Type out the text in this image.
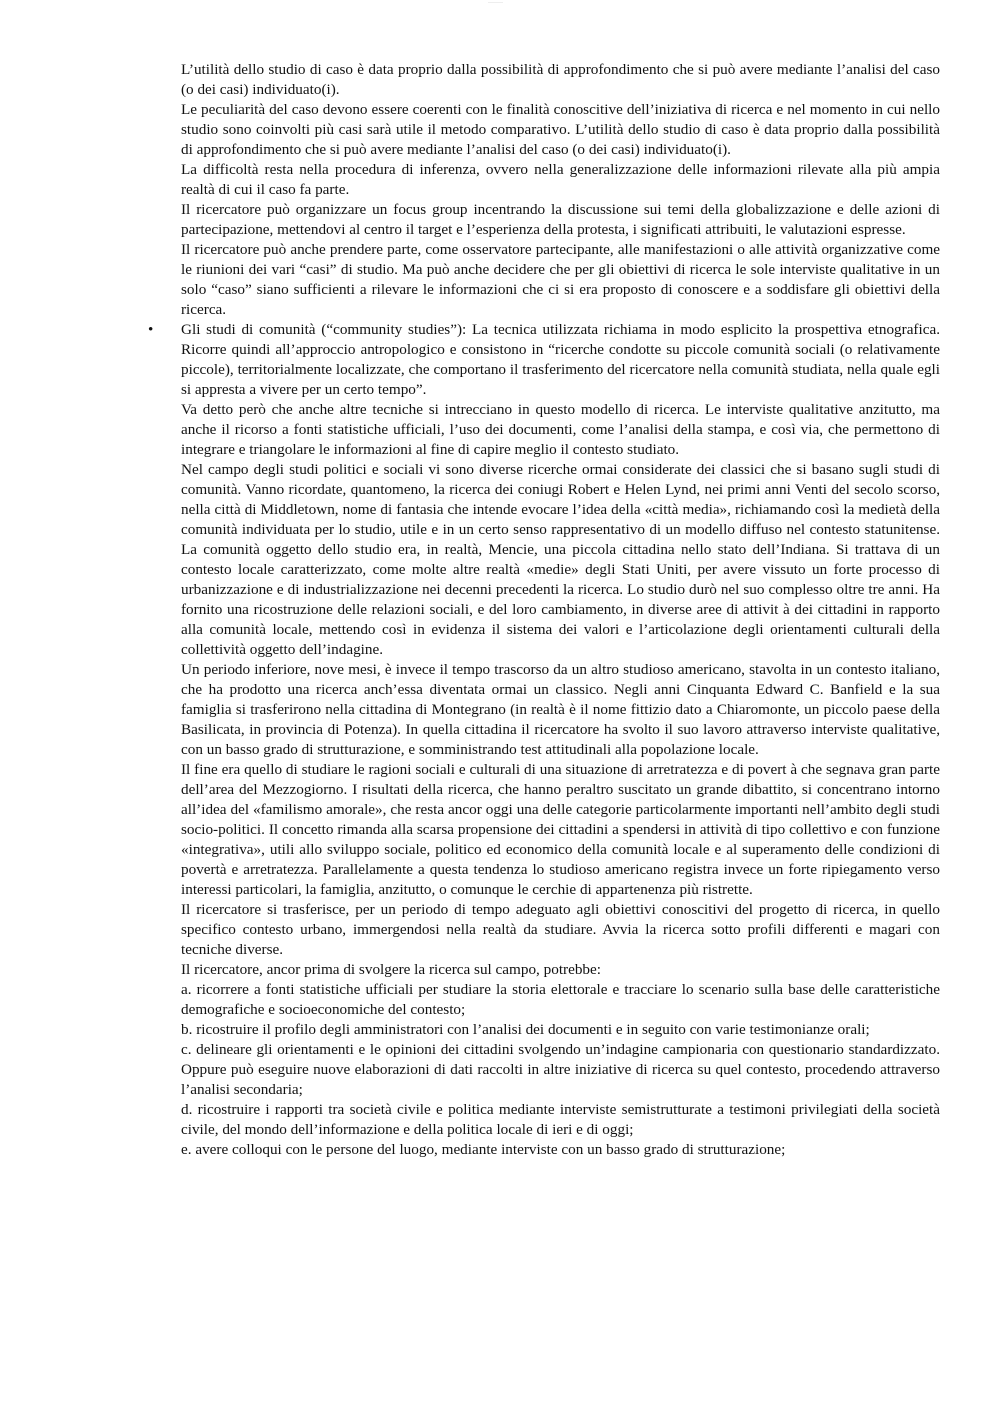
—————

L’utilità dello studio di caso è data proprio dalla possibilità di approfondimento che si può avere mediante l’analisi del caso (o dei casi) individuato(i).

Le peculiarità del caso devono essere coerenti con le finalità conoscitive dell’iniziativa di ricerca e nel momento in cui nello studio sono coinvolti più casi sarà utile il metodo comparativo. L’utilità dello studio di caso è data proprio dalla possibilità di approfondimento che si può avere mediante l’analisi del caso (o dei casi) individuato(i).

La difficoltà resta nella procedura di inferenza, ovvero nella generalizzazione delle informazioni rilevate alla più ampia realtà di cui il caso fa parte.

Il ricercatore può organizzare un focus group incentrando la discussione sui temi della globalizzazione e delle azioni di partecipazione, mettendovi al centro il target e l’esperienza della protesta, i significati attribuiti, le valutazioni espresse.

Il ricercatore può anche prendere parte, come osservatore partecipante, alle manifestazioni o alle attività organizzative come le riunioni dei vari “casi” di studio. Ma può anche decidere che per gli obiettivi di ricerca le sole interviste qualitative in un solo “caso” siano sufficienti a rilevare le informazioni che ci si era proposto di conoscere e a soddisfare gli obiettivi della ricerca.

• Gli studi di comunità (“community studies”): La tecnica utilizzata richiama in modo esplicito la prospettiva etnografica. Ricorre quindi all’approccio antropologico e consistono in “ricerche condotte su piccole comunità sociali (o relativamente piccole), territorialmente localizzate, che comportano il trasferimento del ricercatore nella comunità studiata, nella quale egli si appresta a vivere per un certo tempo”.

Va detto però che anche altre tecniche si intrecciano in questo modello di ricerca. Le interviste qualitative anzitutto, ma anche il ricorso a fonti statistiche ufficiali, l’uso dei documenti, come l’analisi della stampa, e così via, che permettono di integrare e triangolare le informazioni al fine di capire meglio il contesto studiato.

Nel campo degli studi politici e sociali vi sono diverse ricerche ormai considerate dei classici che si basano sugli studi di comunità. Vanno ricordate, quantomeno, la ricerca dei coniugi Robert e Helen Lynd, nei primi anni Venti del secolo scorso, nella città di Middletown, nome di fantasia che intende evocare l’idea della «città media», richiamando così la medietà della comunità individuata per lo studio, utile e in un certo senso rappresentativo di un modello diffuso nel contesto statunitense. La comunità oggetto dello studio era, in realtà, Mencie, una piccola cittadina nello stato dell’Indiana. Si trattava di un contesto locale caratterizzato, come molte altre realtà «medie» degli Stati Uniti, per avere vissuto un forte processo di urbanizzazione e di industrializzazione nei decenni precedenti la ricerca. Lo studio durò nel suo complesso oltre tre anni. Ha fornito una ricostruzione delle relazioni sociali, e del loro cambiamento, in diverse aree di attivit à dei cittadini in rapporto alla comunità locale, mettendo così in evidenza il sistema dei valori e l’articolazione degli orientamenti culturali della collettività oggetto dell’indagine.

Un periodo inferiore, nove mesi, è invece il tempo trascorso da un altro studioso americano, stavolta in un contesto italiano, che ha prodotto una ricerca anch’essa diventata ormai un classico. Negli anni Cinquanta Edward C. Banfield e la sua famiglia si trasferirono nella cittadina di Montegrano (in realtà è il nome fittizio dato a Chiaromonte, un piccolo paese della Basilicata, in provincia di Potenza). In quella cittadina il ricercatore ha svolto il suo lavoro attraverso interviste qualitative, con un basso grado di strutturazione, e somministrando test attitudinali alla popolazione locale.

Il fine era quello di studiare le ragioni sociali e culturali di una situazione di arretratezza e di povert à che segnava gran parte dell’area del Mezzogiorno. I risultati della ricerca, che hanno peraltro suscitato un grande dibattito, si concentrano intorno all’idea del «familismo amorale», che resta ancor oggi una delle categorie particolarmente importanti nell’ambito degli studi socio-politici. Il concetto rimanda alla scarsa propensione dei cittadini a spendersi in attività di tipo collettivo e con funzione «integrativa», utili allo sviluppo sociale, politico ed economico della comunità locale e al superamento delle condizioni di povertà e arretratezza. Parallelamente a questa tendenza lo studioso americano registra invece un forte ripiegamento verso interessi particolari, la famiglia, anzitutto, o comunque le cerchie di appartenenza più ristrette.

Il ricercatore si trasferisce, per un periodo di tempo adeguato agli obiettivi conoscitivi del progetto di ricerca, in quello specifico contesto urbano, immergendosi nella realtà da studiare. Avvia la ricerca sotto profili differenti e magari con tecniche diverse.

Il ricercatore, ancor prima di svolgere la ricerca sul campo, potrebbe:

a. ricorrere a fonti statistiche ufficiali per studiare la storia elettorale e tracciare lo scenario sulla base delle caratteristiche demografiche e socioeconomiche del contesto;

b. ricostruire il profilo degli amministratori con l’analisi dei documenti e in seguito con varie testimonianze orali;

c. delineare gli orientamenti e le opinioni dei cittadini svolgendo un’indagine campionaria con questionario standardizzato. Oppure può eseguire nuove elaborazioni di dati raccolti in altre iniziative di ricerca su quel contesto, procedendo attraverso l’analisi secondaria;

d. ricostruire i rapporti tra società civile e politica mediante interviste semistrutturate a testimoni privilegiati della società civile, del mondo dell’informazione e della politica locale di ieri e di oggi;

e. avere colloqui con le persone del luogo, mediante interviste con un basso grado di strutturazione;
